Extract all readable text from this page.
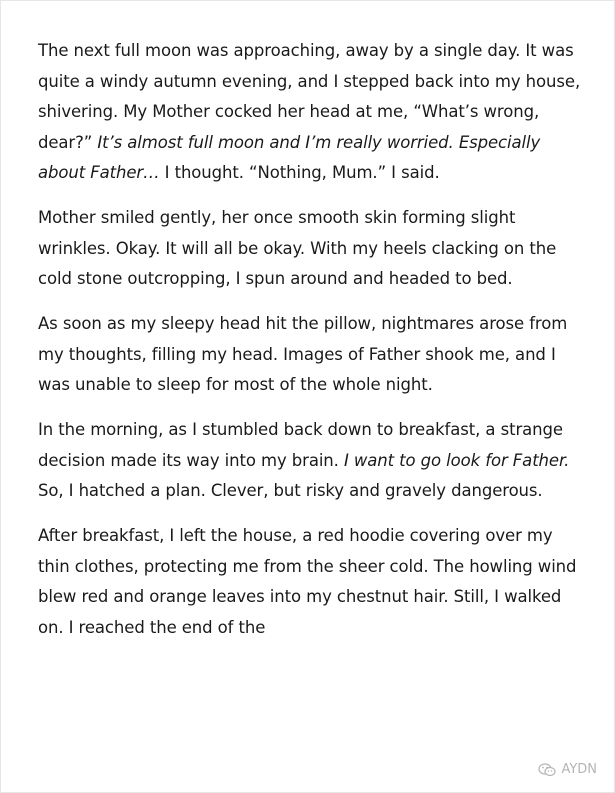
The next full moon was approaching, away by a single day. It was quite a windy autumn evening, and I stepped back into my house, shivering. My Mother cocked her head at me, “What’s wrong, dear?” It’s almost full moon and I’m really worried. Especially about Father… I thought. “Nothing, Mum.” I said.

Mother smiled gently, her once smooth skin forming slight wrinkles. Okay. It will all be okay. With my heels clacking on the cold stone outcropping, I spun around and headed to bed.

As soon as my sleepy head hit the pillow, nightmares arose from my thoughts, filling my head. Images of Father shook me, and I was unable to sleep for most of the whole night.

In the morning, as I stumbled back down to breakfast, a strange decision made its way into my brain. I want to go look for Father. So, I hatched a plan. Clever, but risky and gravely dangerous.

After breakfast, I left the house, a red hoodie covering over my thin clothes, protecting me from the sheer cold. The howling wind blew red and orange leaves into my chestnut hair. Still, I walked on. I reached the end of the

AYDN
